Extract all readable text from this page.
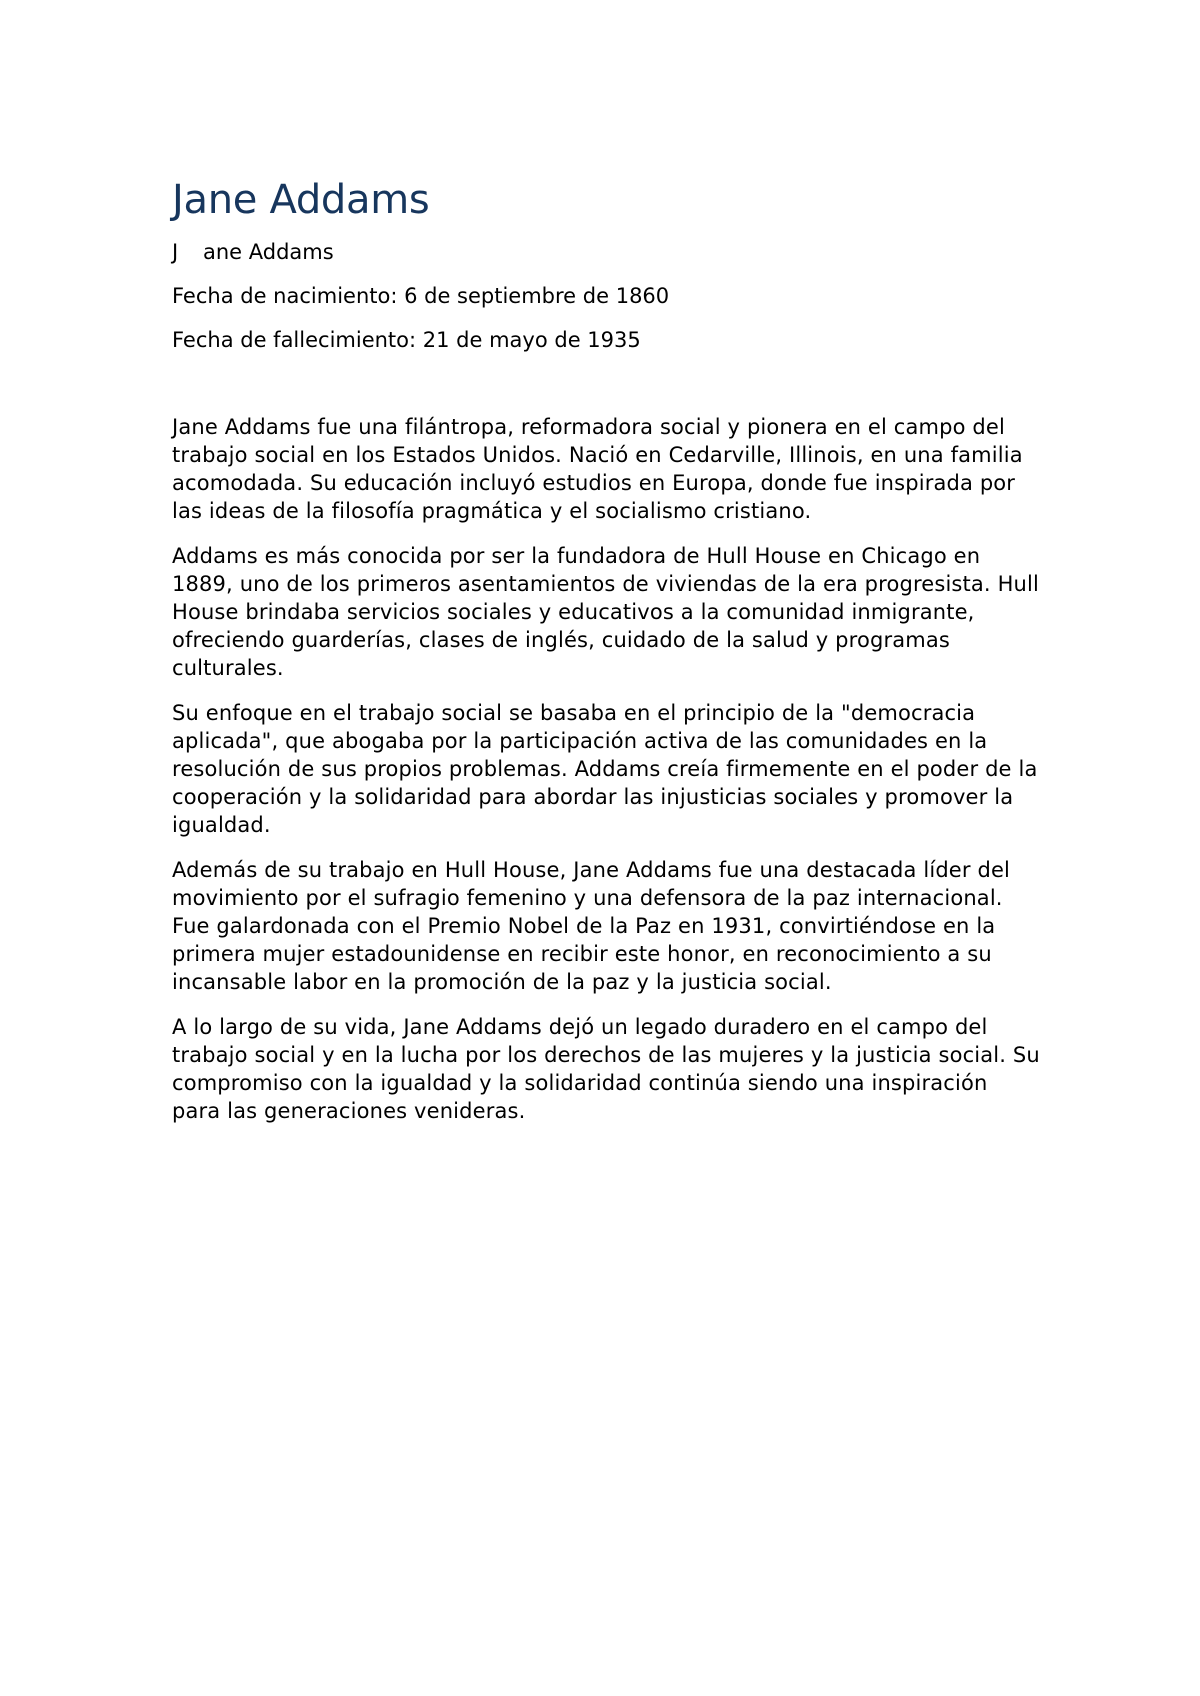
Jane Addams

J ane Addams

Fecha de nacimiento: 6 de septiembre de 1860

Fecha de fallecimiento: 21 de mayo de 1935

Jane Addams fue una filántropa, reformadora social y pionera en el campo del trabajo social en los Estados Unidos. Nació en Cedarville, Illinois, en una familia acomodada. Su educación incluyó estudios en Europa, donde fue inspirada por las ideas de la filosofía pragmática y el socialismo cristiano.

Addams es más conocida por ser la fundadora de Hull House en Chicago en 1889, uno de los primeros asentamientos de viviendas de la era progresista. Hull House brindaba servicios sociales y educativos a la comunidad inmigrante, ofreciendo guarderías, clases de inglés, cuidado de la salud y programas culturales.

Su enfoque en el trabajo social se basaba en el principio de la "democracia aplicada", que abogaba por la participación activa de las comunidades en la resolución de sus propios problemas. Addams creía firmemente en el poder de la cooperación y la solidaridad para abordar las injusticias sociales y promover la igualdad.

Además de su trabajo en Hull House, Jane Addams fue una destacada líder del movimiento por el sufragio femenino y una defensora de la paz internacional. Fue galardonada con el Premio Nobel de la Paz en 1931, convirtiéndose en la primera mujer estadounidense en recibir este honor, en reconocimiento a su incansable labor en la promoción de la paz y la justicia social.

A lo largo de su vida, Jane Addams dejó un legado duradero en el campo del trabajo social y en la lucha por los derechos de las mujeres y la justicia social. Su compromiso con la igualdad y la solidaridad continúa siendo una inspiración para las generaciones venideras.
